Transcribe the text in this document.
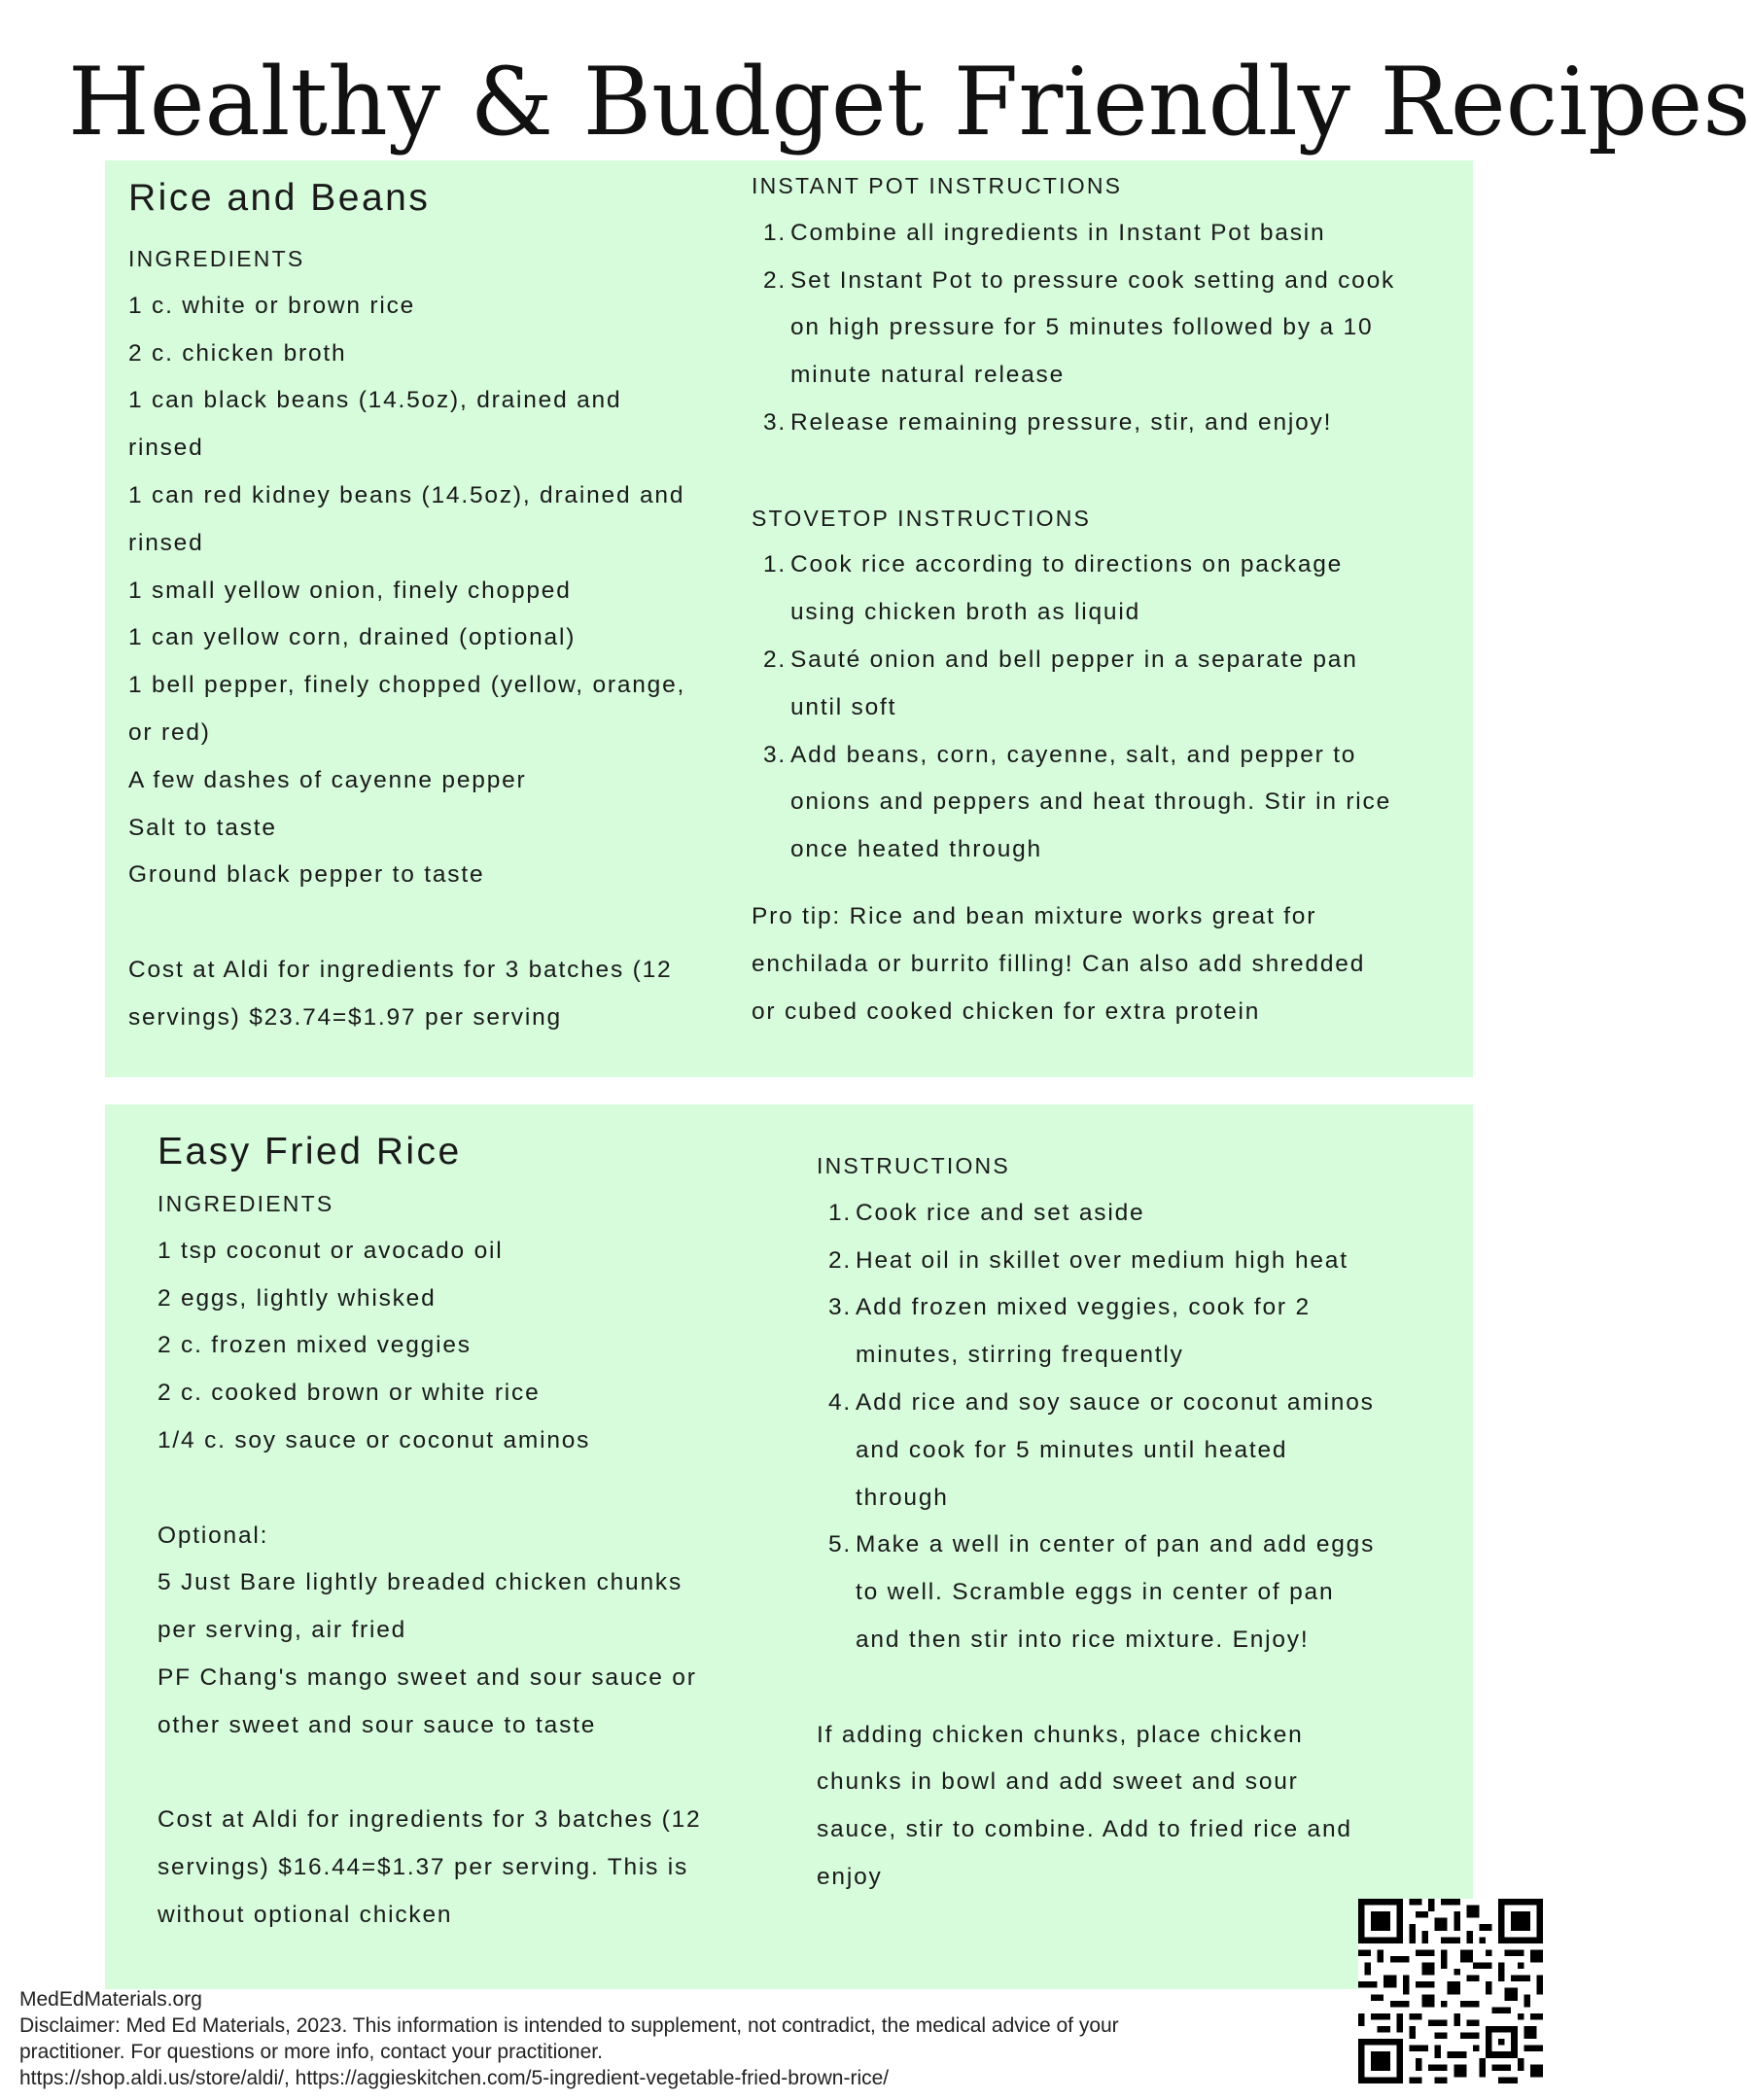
Healthy & Budget Friendly Recipes
Rice and Beans
INGREDIENTS
1 c. white or brown rice
2 c. chicken broth
1 can black beans (14.5oz), drained and
rinsed
1 can red kidney beans (14.5oz), drained and
rinsed
1 small yellow onion, finely chopped
1 can yellow corn, drained (optional)
1 bell pepper, finely chopped (yellow, orange,
or red)
A few dashes of cayenne pepper
Salt to taste
Ground black pepper to taste
Cost at Aldi for ingredients for 3 batches (12
servings) $23.74=$1.97 per serving
INSTANT POT INSTRUCTIONS
1. Combine all ingredients in Instant Pot basin
2. Set Instant Pot to pressure cook setting and cook
on high pressure for 5 minutes followed by a 10
minute natural release
3. Release remaining pressure, stir, and enjoy!
STOVETOP INSTRUCTIONS
1. Cook rice according to directions on package
using chicken broth as liquid
2. Sauté onion and bell pepper in a separate pan
until soft
3. Add beans, corn, cayenne, salt, and pepper to
onions and peppers and heat through. Stir in rice
once heated through
Pro tip: Rice and bean mixture works great for
enchilada or burrito filling! Can also add shredded
or cubed cooked chicken for extra protein
Easy Fried Rice
INGREDIENTS
1 tsp coconut or avocado oil
2 eggs, lightly whisked
2 c. frozen mixed veggies
2 c. cooked brown or white rice
1/4 c. soy sauce or coconut aminos
Optional:
5 Just Bare lightly breaded chicken chunks
per serving, air fried
PF Chang's mango sweet and sour sauce or
other sweet and sour sauce to taste
Cost at Aldi for ingredients for 3 batches (12
servings) $16.44=$1.37 per serving. This is
without optional chicken
INSTRUCTIONS
1. Cook rice and set aside
2. Heat oil in skillet over medium high heat
3. Add frozen mixed veggies, cook for 2
minutes, stirring frequently
4. Add rice and soy sauce or coconut aminos
and cook for 5 minutes until heated
through
5. Make a well in center of pan and add eggs
to well. Scramble eggs in center of pan
and then stir into rice mixture. Enjoy!
If adding chicken chunks, place chicken
chunks in bowl and add sweet and sour
sauce, stir to combine. Add to fried rice and
enjoy
MedEdMaterials.org
Disclaimer: Med Ed Materials, 2023. This information is intended to supplement, not contradict, the medical advice of your
practitioner. For questions or more info, contact your practitioner.
https://shop.aldi.us/store/aldi/, https://aggieskitchen.com/5-ingredient-vegetable-fried-brown-rice/
